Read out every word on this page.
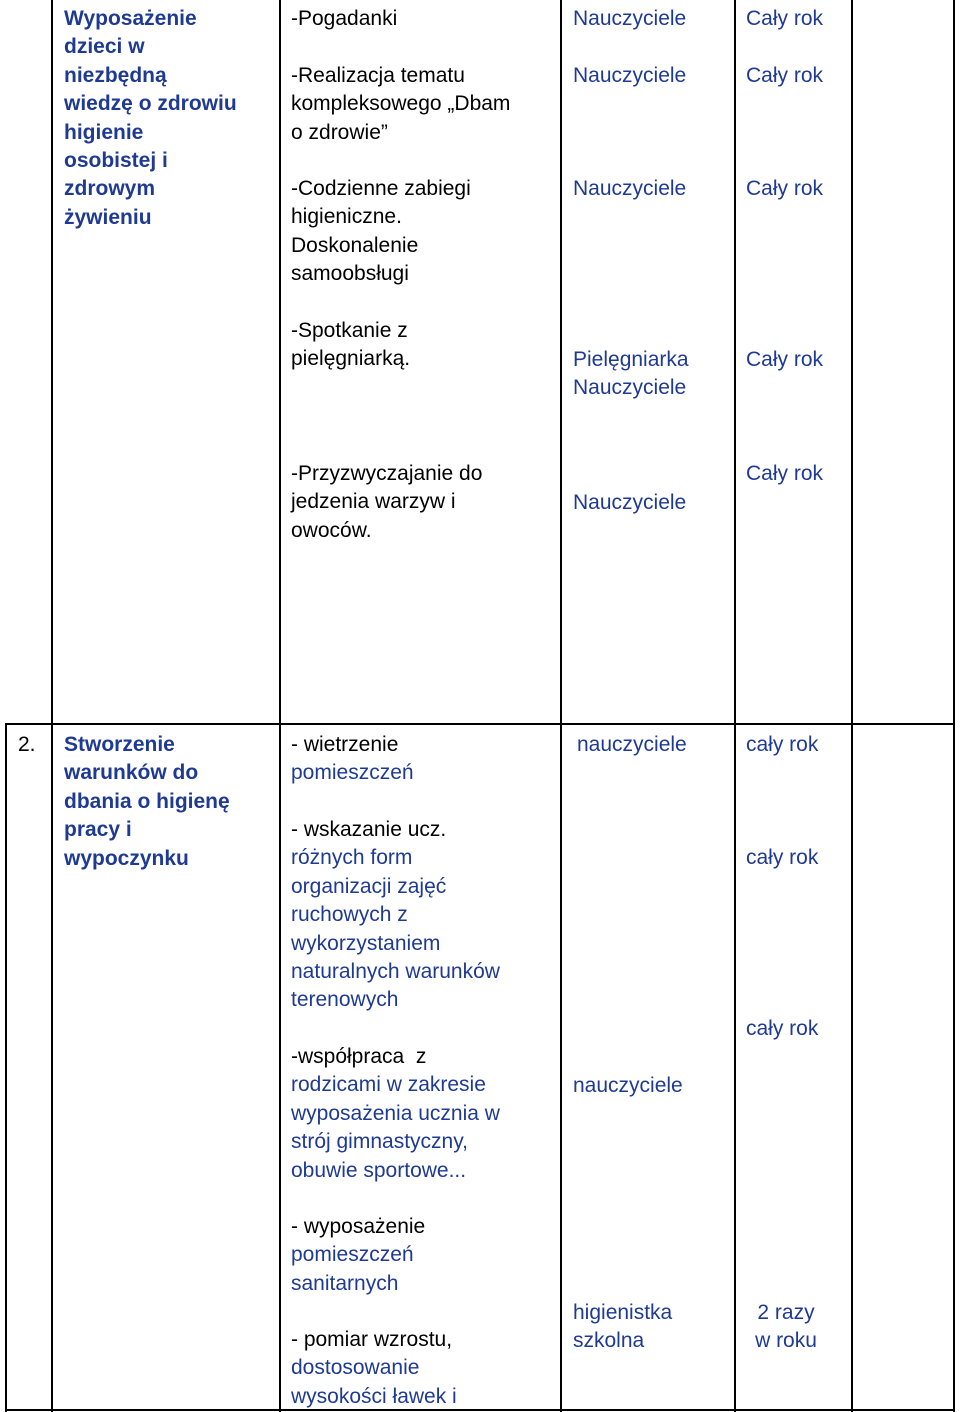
Wyposażenie
dzieci w
niezbędną
wiedzę o zdrowiu
higienie
osobistej i
zdrowym
żywieniu
-Pogadanki
-Realizacja tematu
kompleksowego „Dbam
o zdrowie”
-Codzienne zabiegi
higieniczne.
Doskonalenie
samoobsługi
-Spotkanie z
pielęgniarką.
-Przyzwyczajanie do
jedzenia warzyw i
owoców.
Nauczyciele
Nauczyciele
Nauczyciele
Pielęgniarka
Nauczyciele
Nauczyciele
Cały rok
Cały rok
Cały rok
Cały rok
Cały rok
2. Stworzenie
warunków do
dbania o higienę
pracy i
wypoczynku
- wietrzenie
pomieszczeń
- wskazanie ucz.
różnych form
organizacji zajęć
ruchowych z
wykorzystaniem
naturalnych warunków
terenowych
-współpraca  z
rodzicami w zakresie
wyposażenia ucznia w
strój gimnastyczny,
obuwie sportowe...
- wyposażenie
pomieszczeń
sanitarnych
- pomiar wzrostu,
dostosowanie
wysokości ławek i
nauczyciele
nauczyciele
higienistka
szkolna
cały rok
cały rok
cały rok
2 razy
w roku
